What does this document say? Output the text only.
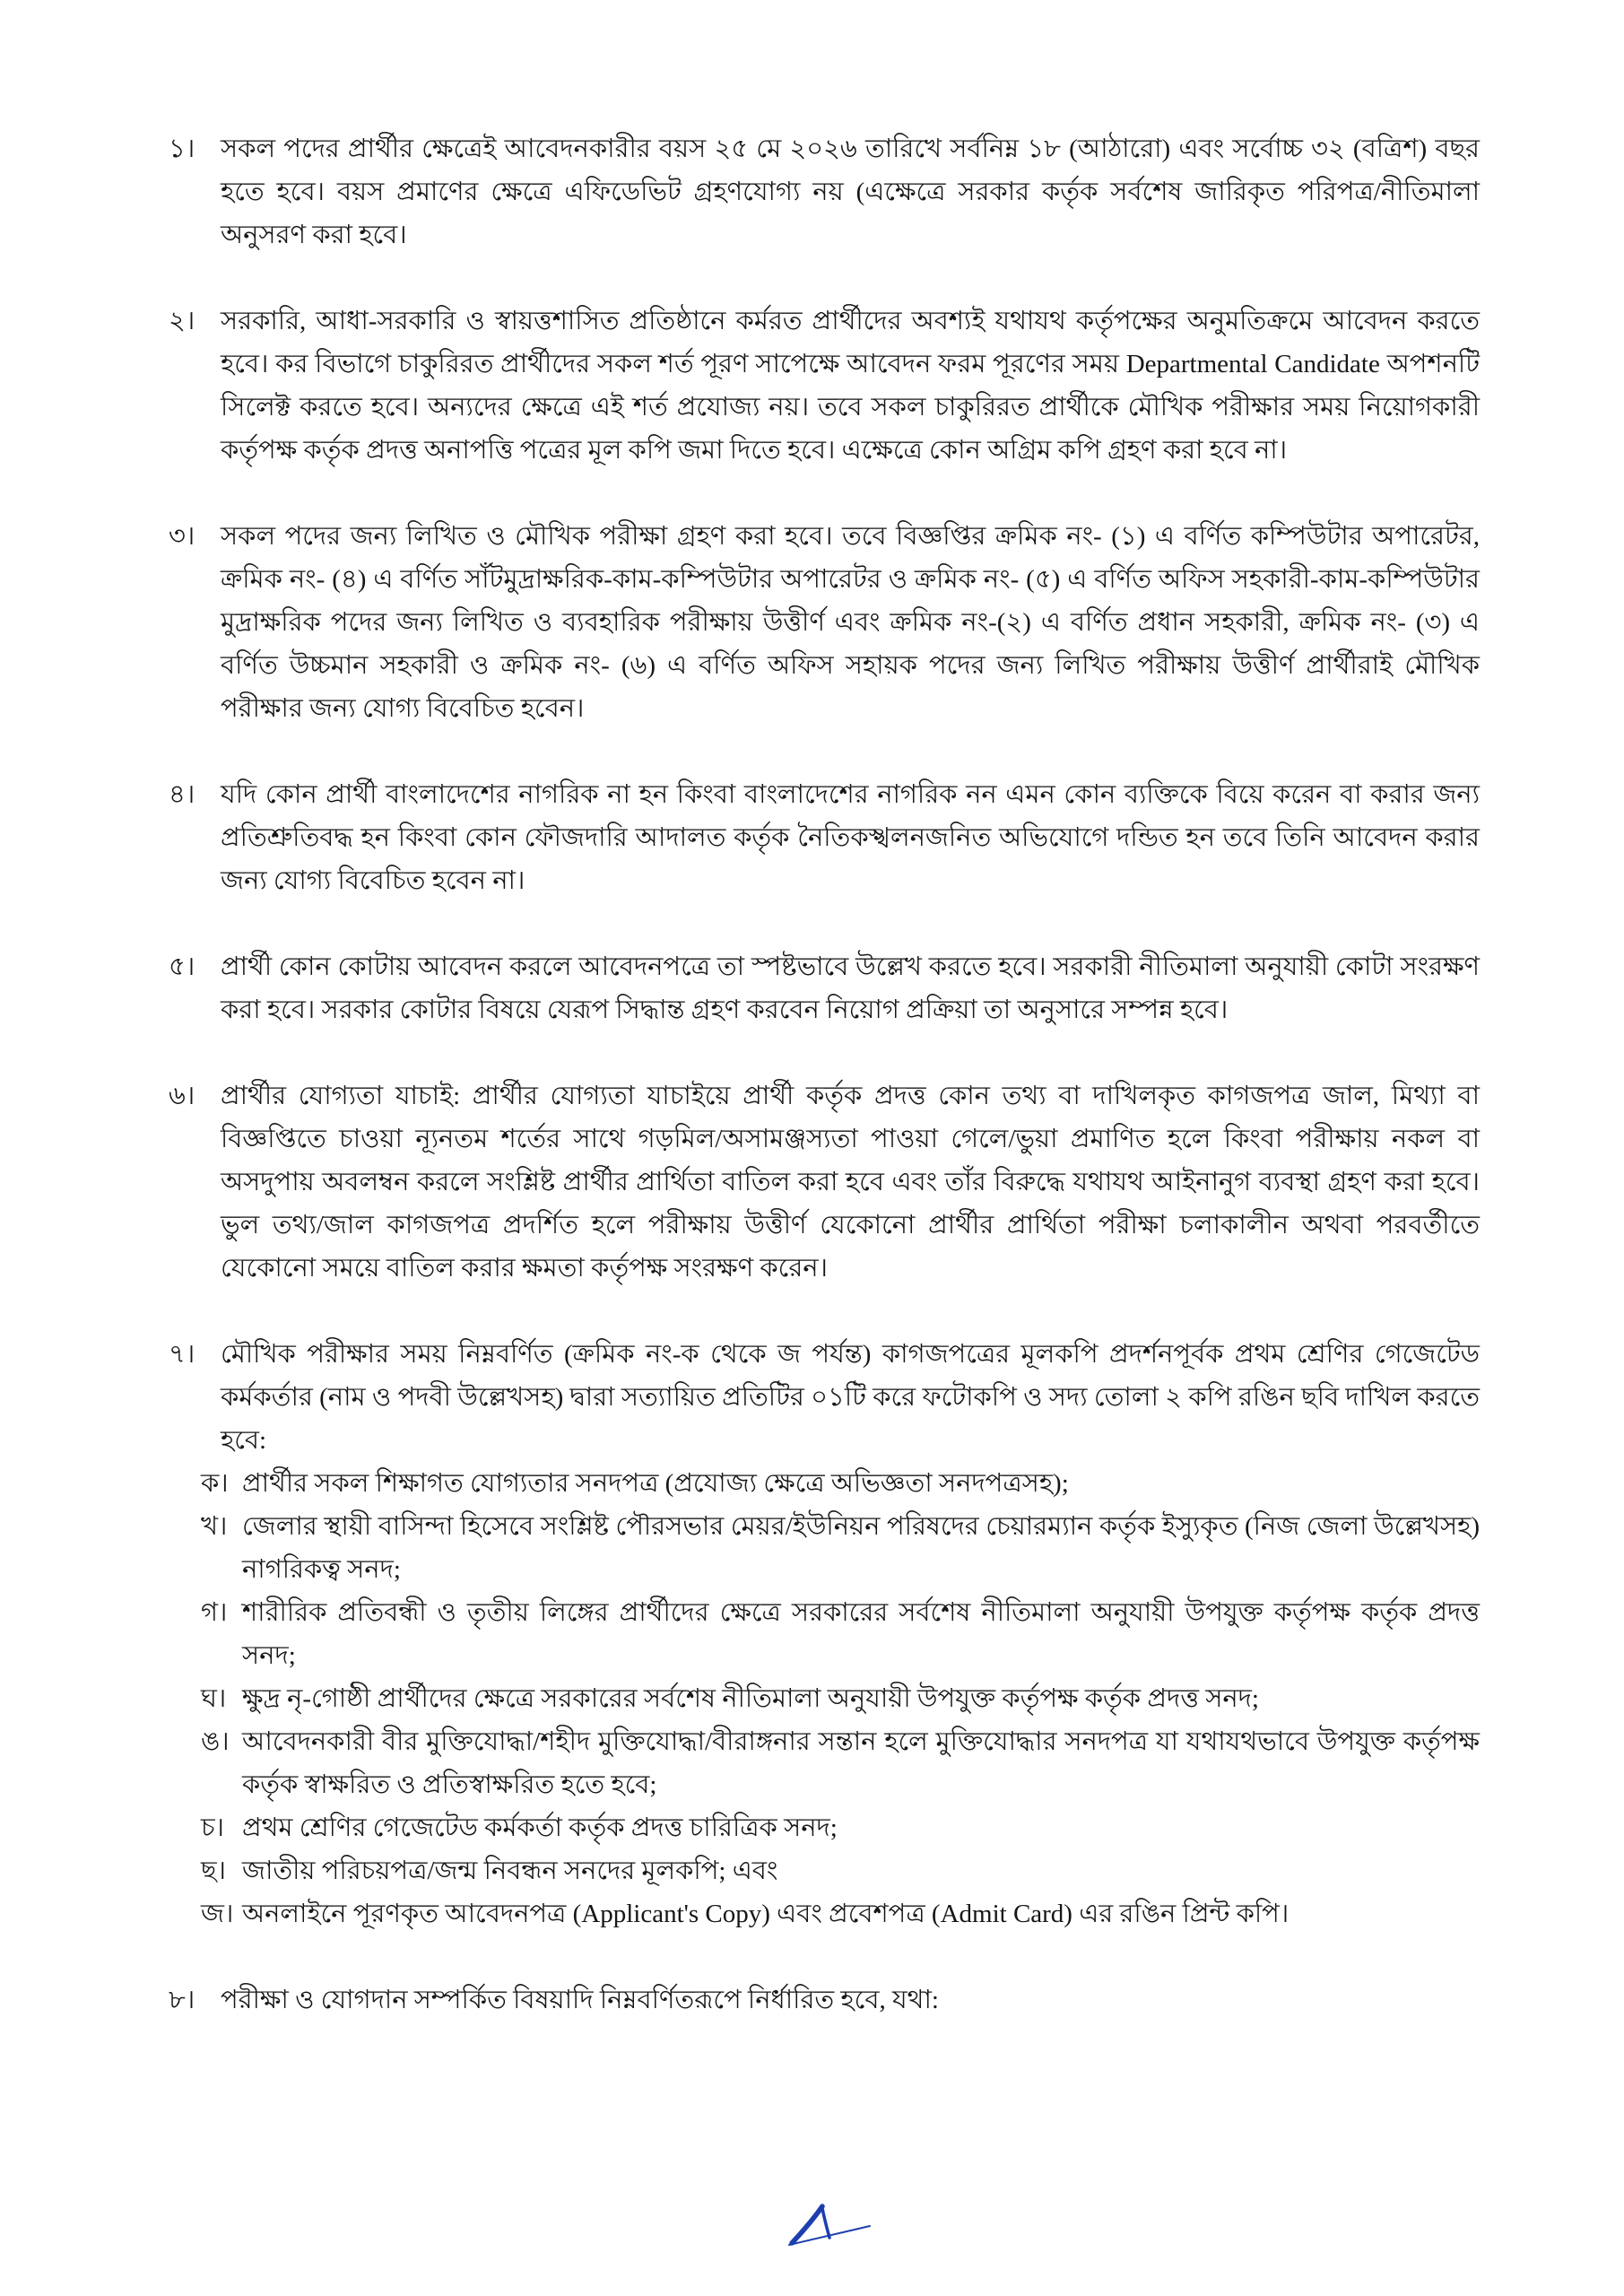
১। সকল পদের প্রার্থীর ক্ষেত্রেই আবেদনকারীর বয়স ২৫ মে ২০২৬ তারিখে সর্বনিম্ন ১৮ (আঠারো) এবং সর্বোচ্চ ৩২ (বত্রিশ) বছর হতে হবে। বয়স প্রমাণের ক্ষেত্রে এফিডেভিট গ্রহণযোগ্য নয় (এক্ষেত্রে সরকার কর্তৃক সর্বশেষ জারিকৃত পরিপত্র/নীতিমালা অনুসরণ করা হবে।
২। সরকারি, আধা-সরকারি ও স্বায়ত্তশাসিত প্রতিষ্ঠানে কর্মরত প্রার্থীদের অবশ্যই যথাযথ কর্তৃপক্ষের অনুমতিক্রমে আবেদন করতে হবে। কর বিভাগে চাকুরিরত প্রার্থীদের সকল শর্ত পূরণ সাপেক্ষে আবেদন ফরম পূরণের সময় Departmental Candidate অপশনটি সিলেক্ট করতে হবে। অন্যদের ক্ষেত্রে এই শর্ত প্রযোজ্য নয়। তবে সকল চাকুরিরত প্রার্থীকে মৌখিক পরীক্ষার সময় নিয়োগকারী কর্তৃপক্ষ কর্তৃক প্রদত্ত অনাপত্তি পত্রের মূল কপি জমা দিতে হবে। এক্ষেত্রে কোন অগ্রিম কপি গ্রহণ করা হবে না।
৩। সকল পদের জন্য লিখিত ও মৌখিক পরীক্ষা গ্রহণ করা হবে। তবে বিজ্ঞপ্তির ক্রমিক নং- (১) এ বর্ণিত কম্পিউটার অপারেটর, ক্রমিক নং- (৪) এ বর্ণিত সাঁটমুদ্রাক্ষরিক-কাম-কম্পিউটার অপারেটর ও ক্রমিক নং- (৫) এ বর্ণিত অফিস সহকারী-কাম-কম্পিউটার মুদ্রাক্ষরিক পদের জন্য লিখিত ও ব্যবহারিক পরীক্ষায় উত্তীর্ণ এবং ক্রমিক নং-(২) এ বর্ণিত প্রধান সহকারী, ক্রমিক নং- (৩) এ বর্ণিত উচ্চমান সহকারী ও ক্রমিক নং- (৬) এ বর্ণিত অফিস সহায়ক পদের জন্য লিখিত পরীক্ষায় উত্তীর্ণ প্রার্থীরাই মৌখিক পরীক্ষার জন্য যোগ্য বিবেচিত হবেন।
৪। যদি কোন প্রার্থী বাংলাদেশের নাগরিক না হন কিংবা বাংলাদেশের নাগরিক নন এমন কোন ব্যক্তিকে বিয়ে করেন বা করার জন্য প্রতিশ্রুতিবদ্ধ হন কিংবা কোন ফৌজদারি আদালত কর্তৃক নৈতিকস্খলনজনিত অভিযোগে দন্ডিত হন তবে তিনি আবেদন করার জন্য যোগ্য বিবেচিত হবেন না।
৫। প্রার্থী কোন কোটায় আবেদন করলে আবেদনপত্রে তা স্পষ্টভাবে উল্লেখ করতে হবে। সরকারী নীতিমালা অনুযায়ী কোটা সংরক্ষণ করা হবে। সরকার কোটার বিষয়ে যেরূপ সিদ্ধান্ত গ্রহণ করবেন নিয়োগ প্রক্রিয়া তা অনুসারে সম্পন্ন হবে।
৬। প্রার্থীর যোগ্যতা যাচাই: প্রার্থীর যোগ্যতা যাচাইয়ে প্রার্থী কর্তৃক প্রদত্ত কোন তথ্য বা দাখিলকৃত কাগজপত্র জাল, মিথ্যা বা বিজ্ঞপ্তিতে চাওয়া ন্যূনতম শর্তের সাথে গড়মিল/অসামঞ্জস্যতা পাওয়া গেলে/ভুয়া প্রমাণিত হলে কিংবা পরীক্ষায় নকল বা অসদুপায় অবলম্বন করলে সংশ্লিষ্ট প্রার্থীর প্রার্থিতা বাতিল করা হবে এবং তাঁর বিরুদ্ধে যথাযথ আইনানুগ ব্যবস্থা গ্রহণ করা হবে। ভুল তথ্য/জাল কাগজপত্র প্রদর্শিত হলে পরীক্ষায় উত্তীর্ণ যেকোনো প্রার্থীর প্রার্থিতা পরীক্ষা চলাকালীন অথবা পরবর্তীতে যেকোনো সময়ে বাতিল করার ক্ষমতা কর্তৃপক্ষ সংরক্ষণ করেন।
৭। মৌখিক পরীক্ষার সময় নিম্নবর্ণিত (ক্রমিক নং-ক থেকে জ পর্যন্ত) কাগজপত্রের মূলকপি প্রদর্শনপূর্বক প্রথম শ্রেণির গেজেটেড কর্মকর্তার (নাম ও পদবী উল্লেখসহ) দ্বারা সত্যায়িত প্রতিটির ০১টি করে ফটোকপি ও সদ্য তোলা ২ কপি রঙিন ছবি দাখিল করতে হবে:
ক। প্রার্থীর সকল শিক্ষাগত যোগ্যতার সনদপত্র (প্রযোজ্য ক্ষেত্রে অভিজ্ঞতা সনদপত্রসহ);
খ। জেলার স্থায়ী বাসিন্দা হিসেবে সংশ্লিষ্ট পৌরসভার মেয়র/ইউনিয়ন পরিষদের চেয়ারম্যান কর্তৃক ইস্যুকৃত (নিজ জেলা উল্লেখসহ) নাগরিকত্ব সনদ;
গ। শারীরিক প্রতিবন্ধী ও তৃতীয় লিঙ্গের প্রার্থীদের ক্ষেত্রে সরকারের সর্বশেষ নীতিমালা অনুযায়ী উপযুক্ত কর্তৃপক্ষ কর্তৃক প্রদত্ত সনদ;
ঘ। ক্ষুদ্র নৃ-গোষ্ঠী প্রার্থীদের ক্ষেত্রে সরকারের সর্বশেষ নীতিমালা অনুযায়ী উপযুক্ত কর্তৃপক্ষ কর্তৃক প্রদত্ত সনদ;
ঙ। আবেদনকারী বীর মুক্তিযোদ্ধা/শহীদ মুক্তিযোদ্ধা/বীরাঙ্গনার সন্তান হলে মুক্তিযোদ্ধার সনদপত্র যা যথাযথভাবে উপযুক্ত কর্তৃপক্ষ কর্তৃক স্বাক্ষরিত ও প্রতিস্বাক্ষরিত হতে হবে;
চ। প্রথম শ্রেণির গেজেটেড কর্মকর্তা কর্তৃক প্রদত্ত চারিত্রিক সনদ;
ছ। জাতীয় পরিচয়পত্র/জন্ম নিবন্ধন সনদের মূলকপি; এবং
জ। অনলাইনে পূরণকৃত আবেদনপত্র (Applicant's Copy) এবং প্রবেশপত্র (Admit Card) এর রঙিন প্রিন্ট কপি।
৮। পরীক্ষা ও যোগদান সম্পর্কিত বিষয়াদি নিম্নবর্ণিতরূপে নির্ধারিত হবে, যথা:
